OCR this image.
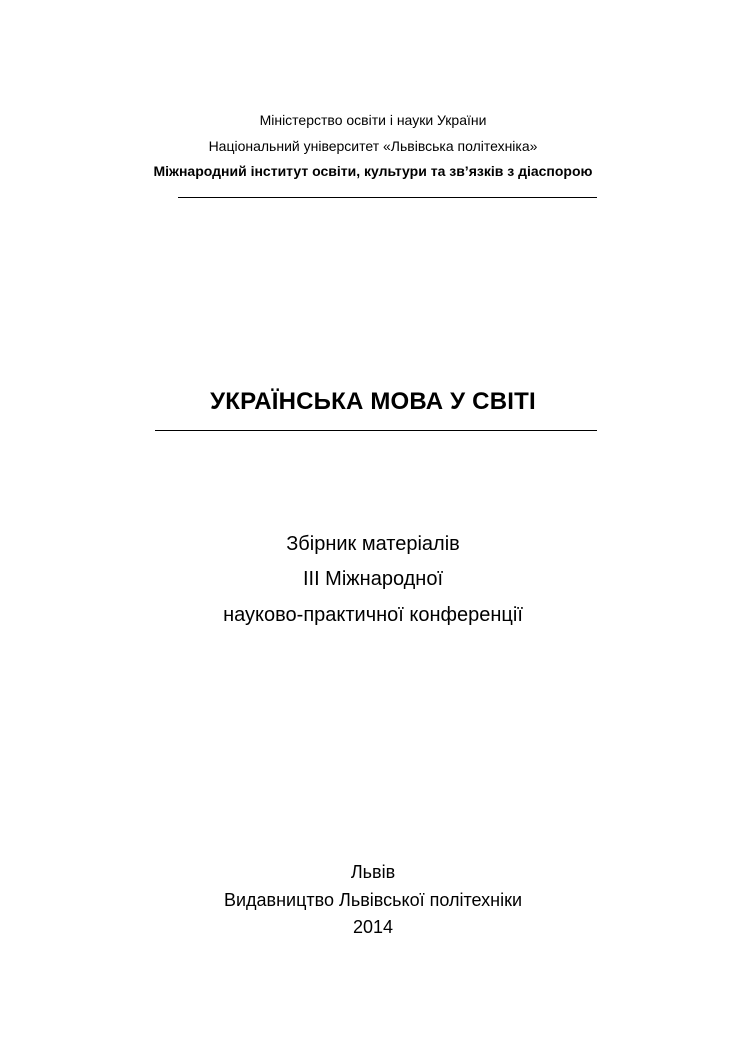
Міністерство освіти і науки України
Національний університет «Львівська політехніка»
Міжнародний інститут освіти, культури та зв’язків з діаспорою
УКРАЇНСЬКА МОВА У СВІТІ
Збірник матеріалів
ІІІ Міжнародної
науково-практичної конференції
Львів
Видавництво Львівської політехніки
2014
